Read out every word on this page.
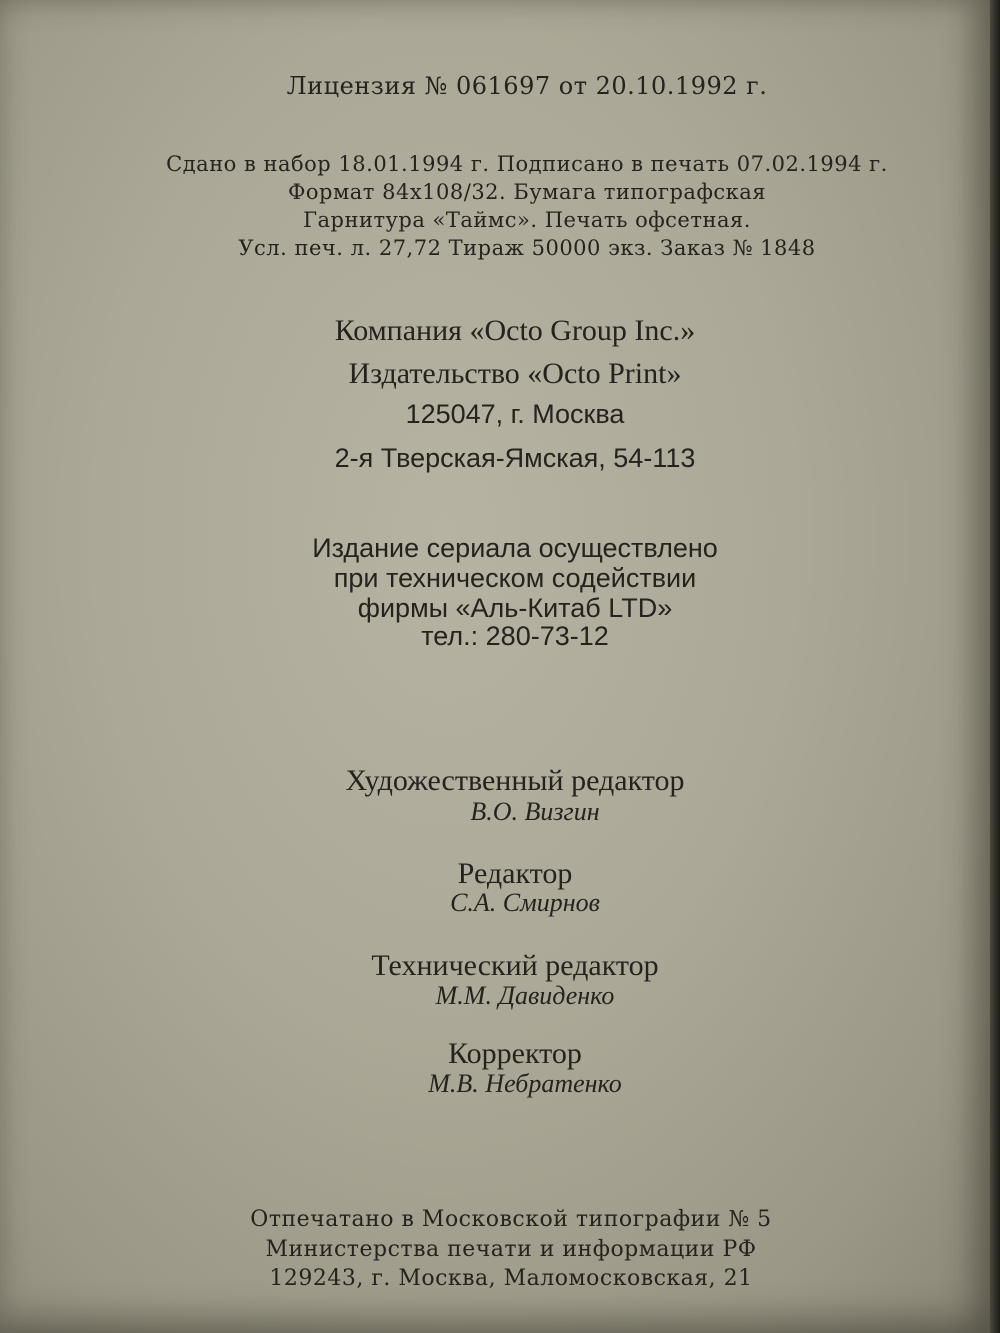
Лицензия № 061697 от 20.10.1992 г.
Сдано в набор 18.01.1994 г. Подписано в печать 07.02.1994 г.
Формат 84x108/32. Бумага типографская
Гарнитура «Таймс». Печать офсетная.
Усл. печ. л. 27,72 Тираж 50000 экз. Заказ № 1848
Компания «Octo Group Inc.»
Издательство «Octo Print»
125047, г. Москва
2-я Тверская-Ямская, 54-113
Издание сериала осуществлено
при техническом содействии
фирмы «Аль-Китаб LTD»
тел.: 280-73-12
Художественный редактор
В.О. Визгин
Редактор
С.А. Смирнов
Технический редактор
М.М. Давиденко
Корректор
М.В. Небратенко
Отпечатано в Московской типографии № 5
Министерства печати и информации РФ
129243, г. Москва, Маломосковская, 21
